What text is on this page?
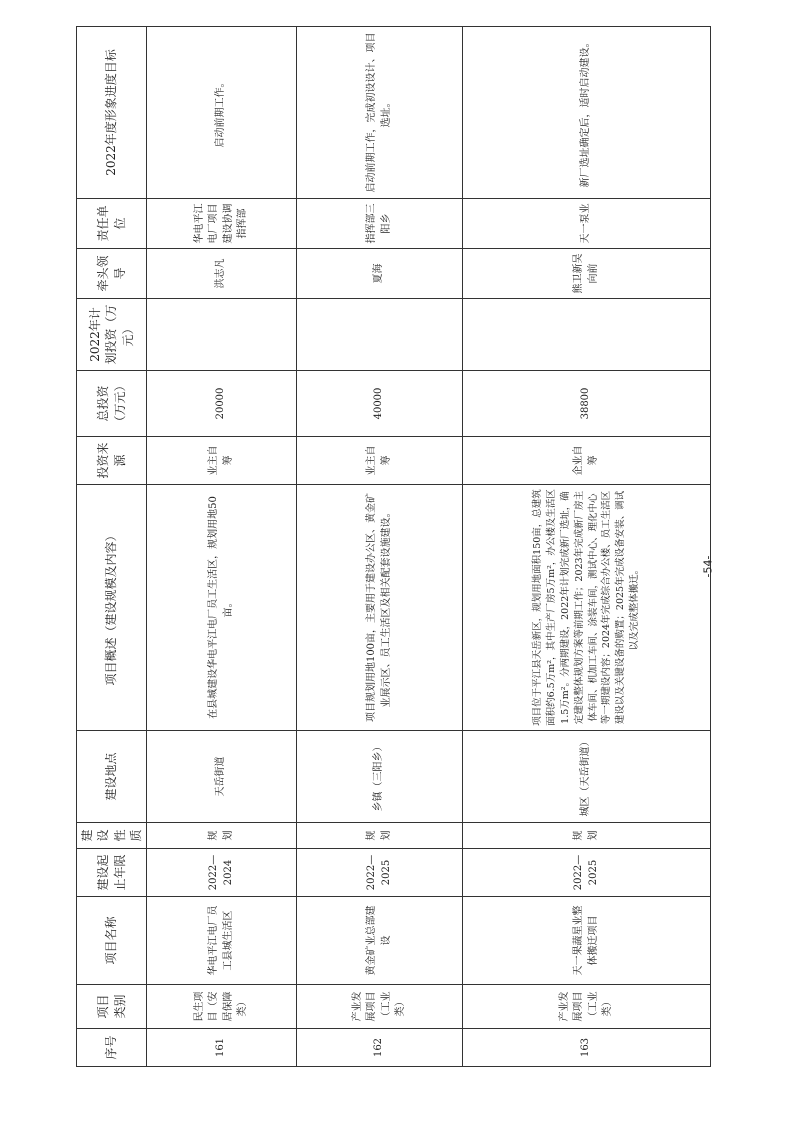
序号	项目类别	项目名称	建设起止年限	建设性质	建设地点	项目概述（建设规模及内容）	投资来源	总投资（万元）	2022年计划投资（万元）	牵头领导	责任单位	2022年度形象进度目标
161	民生项目（安居保障类）	华电平江电厂员工县城生活区	2022—2024	规划	天岳街道	在县城建设华电平江电厂员工生活区，规划用地50亩。	业主自筹	20000		洪志凡	华电平江电厂项目建设协调指挥部	启动前期工作。
162	产业发展项目（工业类）	黄金矿业总部建设	2022—2025	规划	乡镇（三阳乡）	项目规划用地100亩，主要用于建设办公区、黄金矿业展示区、员工生活区及相关配套设施建设。	业主自筹	40000		夏海	指挥部三阳乡	启动前期工作，完成初设设计、项目选址。
163	产业发展项目（工业类）	天一果蔬星业整体搬迁项目	2022—2025	规划	城区（天岳街道）	项目位于平江县天岳新区，规划用地面积150亩，总建筑面积约6.5万m²，其中生产厂房5万m²，办公楼及生活区1.5万m²。分两期建设，2022年计划完成新厂选址，确定建设整体规划方案等前期工作；2023年完成新厂房主体车间、机加工车间、涂装车间，测试中心、理化中心等一期建设内容；2024年完成综合办公楼、员工生活区建设以及关键设备的购置；2025年完成设备安装、调试以及完成整体搬迁。	企业自筹	38800		熊卫新吴向前	天一泵业	新厂选址确定后，适时启动建设。
-54-
